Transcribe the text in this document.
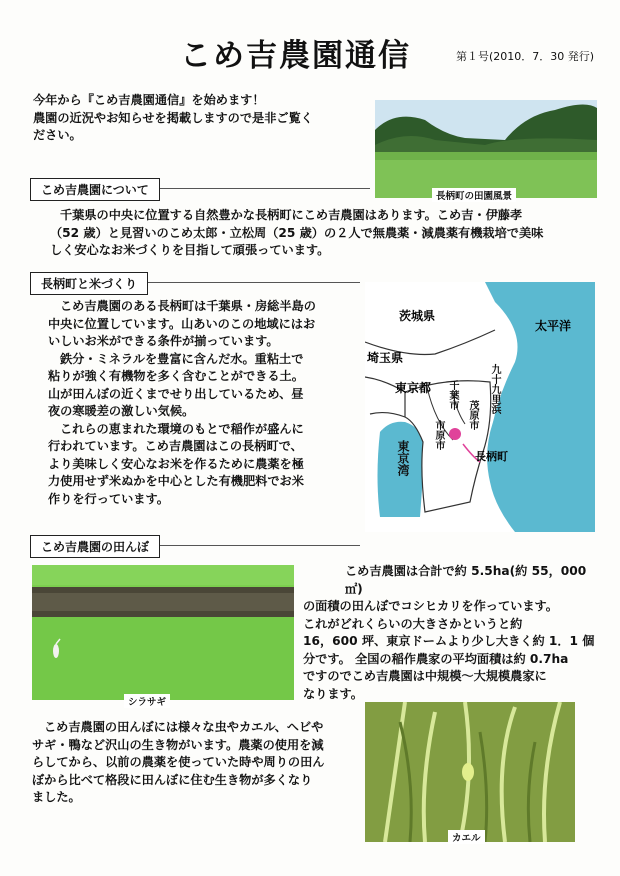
こめ吉農園通信	第１号(2010．7．30 発行)
今年から『こめ吉農園通信』を始めます！
農園の近況やお知らせを掲載しますので是非ご覧く
ださい。
長柄町の田園風景
こめ吉農園について
千葉県の中央に位置する自然豊かな長柄町にこめ吉農園はあります。こめ吉・伊藤孝
（52 歳）と見習いのこめ太郎・立松周（25 歳）の２人で無農薬・減農薬有機栽培で美味
しく安心なお米づくりを目指して頑張っています。
長柄町と米づくり
こめ吉農園のある長柄町は千葉県・房総半島の
中央に位置しています。山あいのこの地域にはお
いしいお米ができる条件が揃っています。
鉄分・ミネラルを豊富に含んだ水。重粘土で
粘りが強く有機物を多く含むことができる土。
山が田んぼの近くまでせり出しているため、昼
夜の寒暖差の激しい気候。
これらの恵まれた環境のもとで稲作が盛んに
行われています。こめ吉農園はこの長柄町で、
より美味しく安心なお米を作るために農薬を極
力使用せず米ぬかを中心とした有機肥料でお米
作りを行っています。
茨城県
太平洋
埼玉県
東京都
長柄町
東京湾
九十九里浜
千葉市
茂原市
市原市
こめ吉農園の田んぼ
シラサギ
こめ吉農園は合計で約 5.5ha(約 55，000 ㎡)
の面積の田んぼでコシヒカリを作っています。
これがどれくらいの大きさかというと約
16，600 坪、東京ドームより少し大きく約 1．1 個
分です。 全国の稲作農家の平均面積は約 0.7ha
ですのでこめ吉農園は中規模～大規模農家に
なります。
こめ吉農園の田んぼには様々な虫やカエル、ヘビや
サギ・鴨など沢山の生き物がいます。農薬の使用を減
らしてから、以前の農薬を使っていた時や周りの田ん
ぼから比べて格段に田んぼに住む生き物が多くなり
ました。
カエル
